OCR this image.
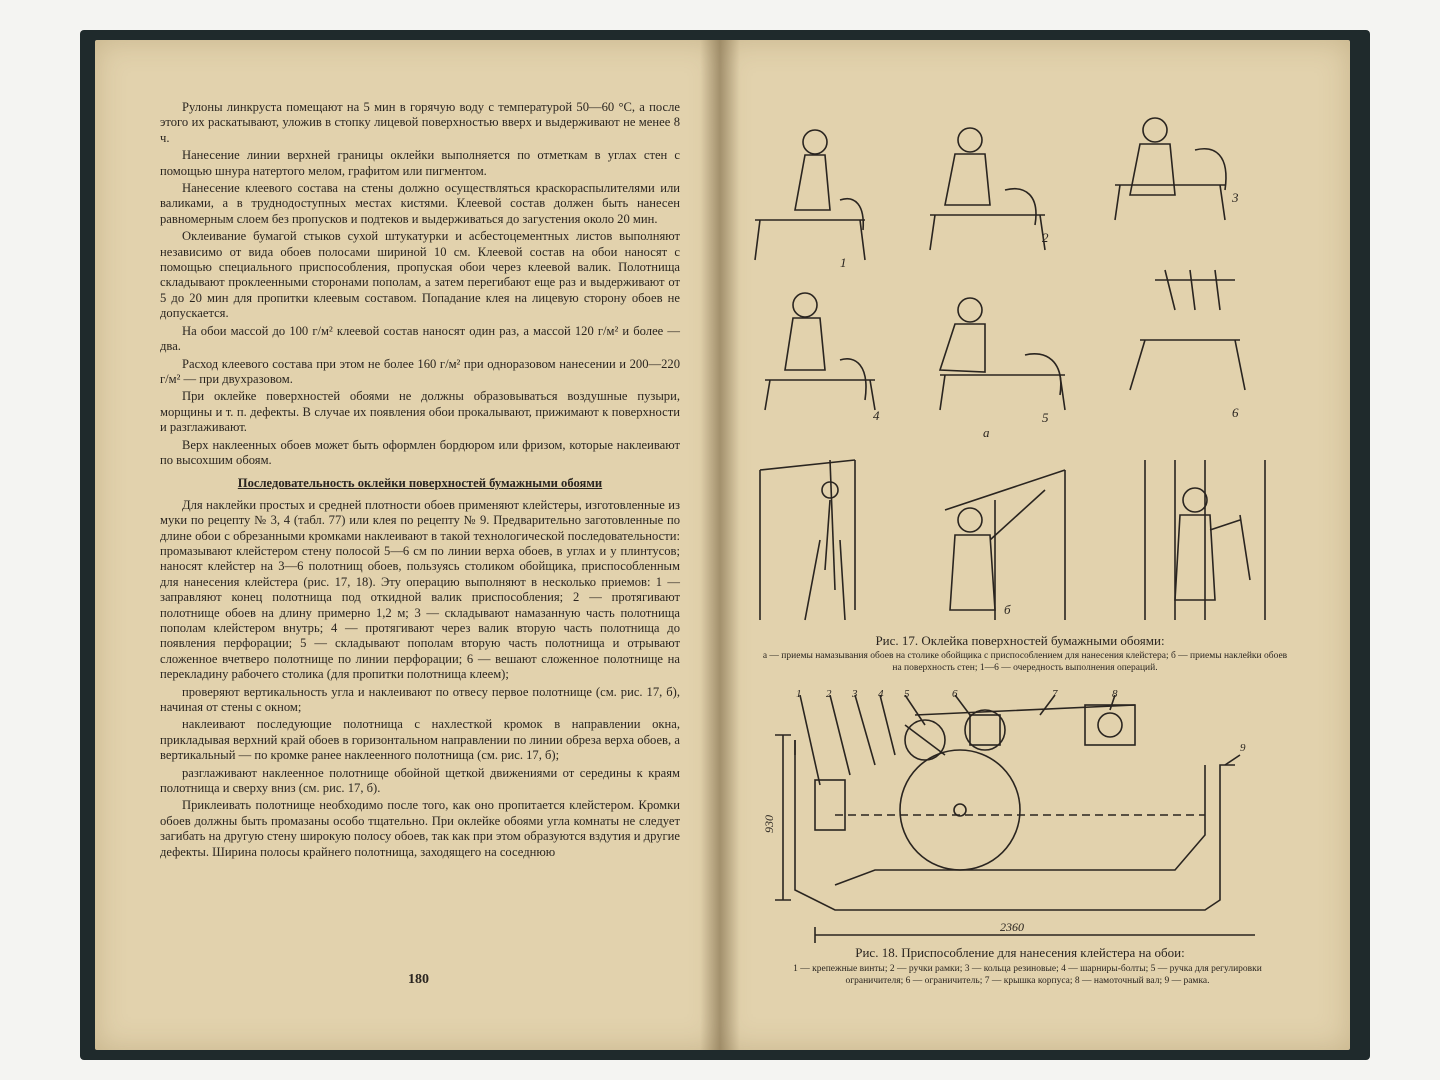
Рулоны линкруста помещают на 5 мин в горячую воду с температурой 50—60 °С, а после этого их раскатывают, уложив в стопку лицевой поверхностью вверх и выдерживают не менее 8 ч.

Нанесение линии верхней границы оклейки выполняется по отметкам в углах стен с помощью шнура натертого мелом, графитом или пигментом.

Нанесение клеевого состава на стены должно осуществляться краскораспылителями или валиками, а в труднодоступных местах кистями. Клеевой состав должен быть нанесен равномерным слоем без пропусков и подтеков и выдерживаться до загустения около 20 мин.

Оклеивание бумагой стыков сухой штукатурки и асбестоцементных листов выполняют независимо от вида обоев полосами шириной 10 см. Клеевой состав на обои наносят с помощью специального приспособления, пропуская обои через клеевой валик. Полотнища складывают проклеенными сторонами пополам, а затем перегибают еще раз и выдерживают от 5 до 20 мин для пропитки клеевым составом. Попадание клея на лицевую сторону обоев не допускается.

На обои массой до 100 г/м² клеевой состав наносят один раз, а массой 120 г/м² и более — два.

Расход клеевого состава при этом не более 160 г/м² при одноразовом нанесении и 200—220 г/м² — при двухразовом.

При оклейке поверхностей обоями не должны образовываться воздушные пузыри, морщины и т. п. дефекты. В случае их появления обои прокалывают, прижимают к поверхности и разглаживают.

Верх наклеенных обоев может быть оформлен бордюром или фризом, которые наклеивают по высохшим обоям.

Последовательность оклейки поверхностей бумажными обоями

Для наклейки простых и средней плотности обоев применяют клейстеры, изготовленные из муки по рецепту № 3, 4 (табл. 77) или клея по рецепту № 9. Предварительно заготовленные по длине обои с обрезанными кромками наклеивают в такой технологической последовательности: промазывают клейстером стену полосой 5—6 см по линии верха обоев, в углах и у плинтусов; наносят клейстер на 3—6 полотнищ обоев, пользуясь столиком обойщика, приспособленным для нанесения клейстера (рис. 17, 18). Эту операцию выполняют в несколько приемов: 1 — заправляют конец полотнища под откидной валик приспособления; 2 — протягивают полотнище обоев на длину примерно 1,2 м; 3 — складывают намазанную часть полотнища пополам клейстером внутрь; 4 — протягивают через валик вторую часть полотнища до появления перфорации; 5 — складывают пополам вторую часть полотнища и отрывают сложенное вчетверо полотнище по линии перфорации; 6 — вешают сложенное полотнище на перекладину рабочего столика (для пропитки полотнища клеем);

проверяют вертикальность угла и наклеивают по отвесу первое полотнище (см. рис. 17, б), начиная от стены с окном;

наклеивают последующие полотнища с нахлесткой кромок в направлении окна, прикладывая верхний край обоев в горизонтальном направлении по линии обреза верха обоев, а вертикальный — по кромке ранее наклеенного полотнища (см. рис. 17, б);

разглаживают наклеенное полотнище обойной щеткой движениями от середины к краям полотнища и сверху вниз (см. рис. 17, б).

Приклеивать полотнище необходимо после того, как оно пропитается клейстером. Кромки обоев должны быть промазаны особо тщательно. При оклейке обоями угла комнаты не следует загибать на другую стену широкую полосу обоев, так как при этом образуются вздутия и другие дефекты. Ширина полосы крайнего полотнища, заходящего на соседнюю

180
1
2
3
4
а
5	6
б
Рис. 17. Оклейка поверхностей бумажными обоями:
а — приемы намазывания обоев на столике обойщика с приспособлением для нанесения клейстера; б — приемы наклейки обоев на поверхность стен; 1—6 — очередность выполнения операций.
1 2 3 4 5	6	7	8
9
930
2360
Рис. 18. Приспособление для нанесения клейстера на обои:
1 — крепежные винты; 2 — ручки рамки; 3 — кольца резиновые; 4 — шарниры-болты; 5 — ручка для регулировки ограничителя; 6 — ограничитель; 7 — крышка корпуса; 8 — намоточный вал; 9 — рамка.
